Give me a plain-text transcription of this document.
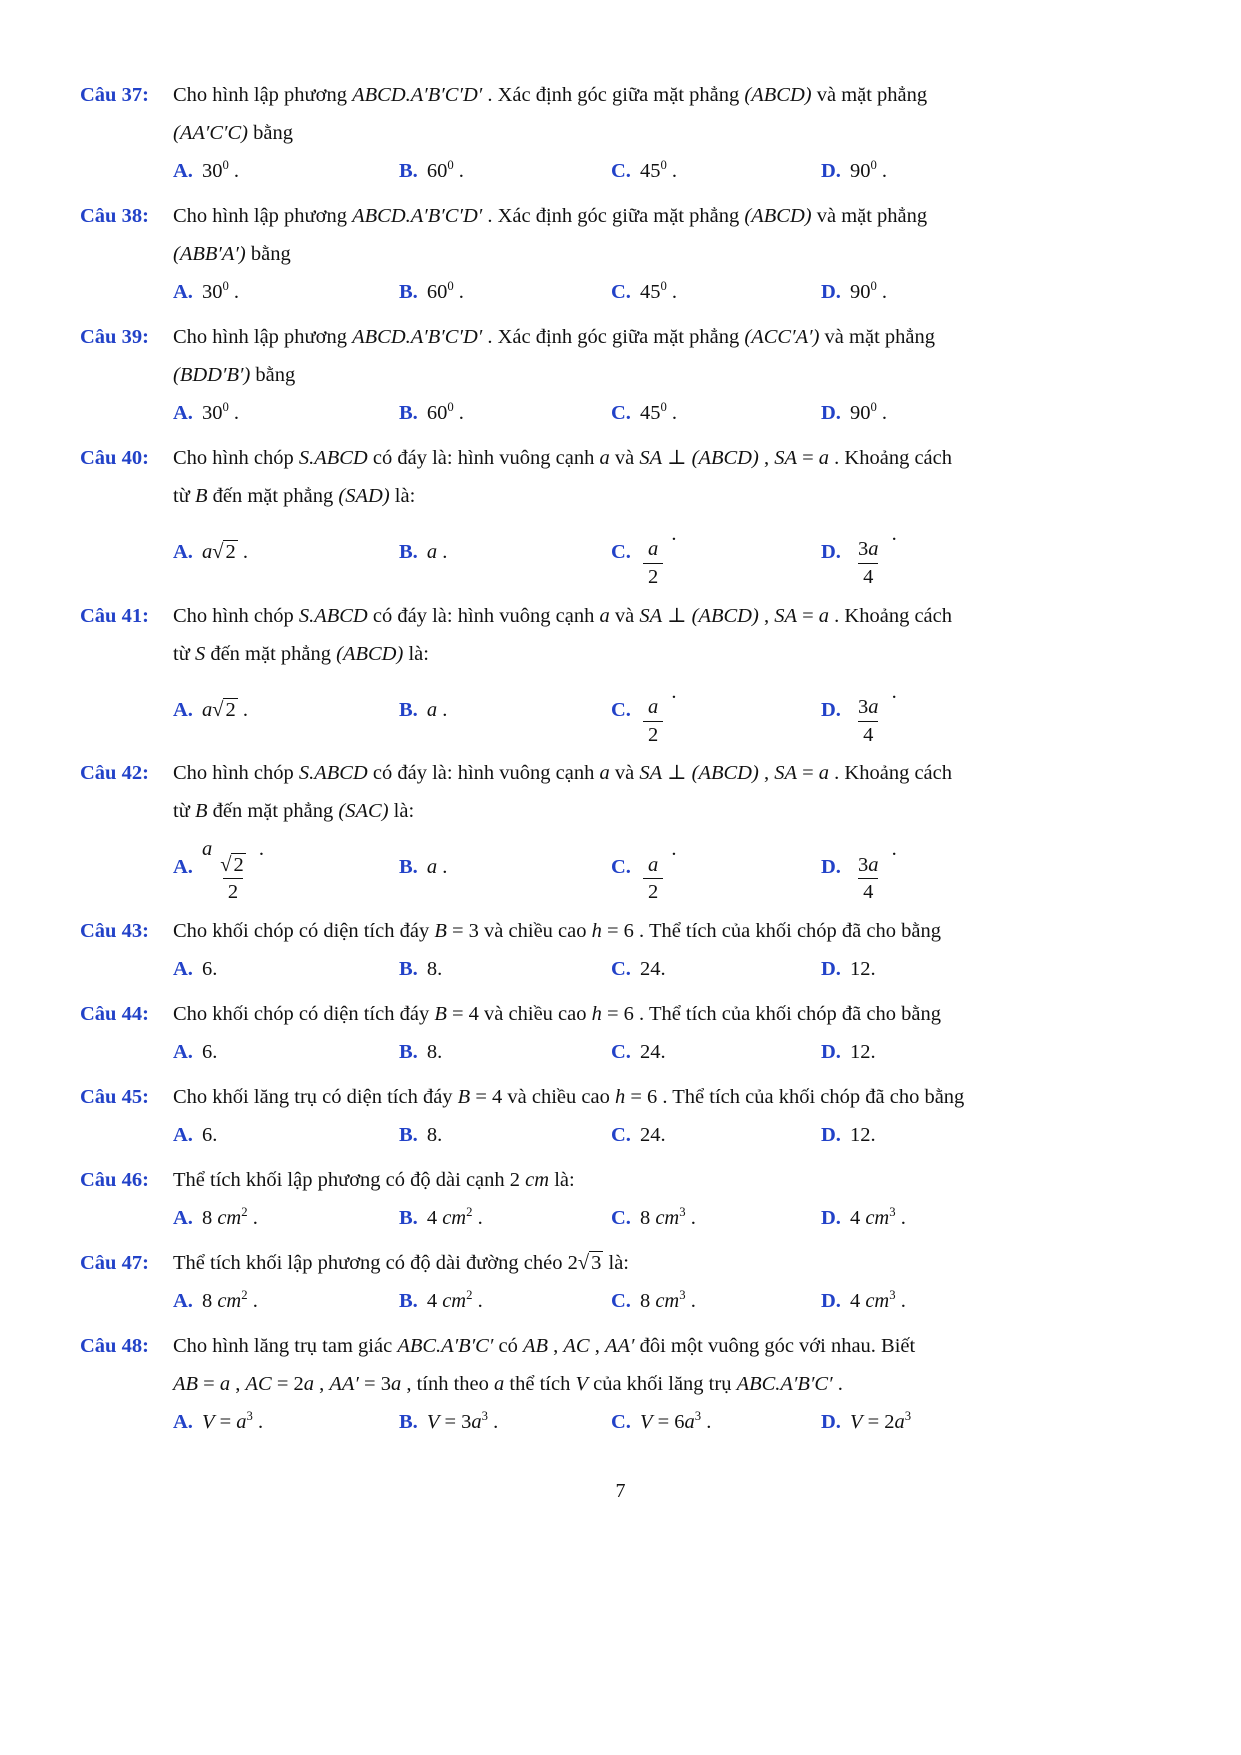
Câu 37:	Cho hình lập phương ABCD.A′B′C′D′ . Xác định góc giữa mặt phẳng (ABCD) và mặt phẳng
(AA′C′C) bằng
A. $30^0$ .	B. $60^0$ .	C. $45^0$ .	D. $90^0$ .
Câu 38:	Cho hình lập phương ABCD.A′B′C′D′ . Xác định góc giữa mặt phẳng (ABCD) và mặt phẳng
(ABB′A′) bằng
A. $30^0$ .	B. $60^0$ .	C. $45^0$ .	D. $90^0$ .
Câu 39:	Cho hình lập phương ABCD.A′B′C′D′ . Xác định góc giữa mặt phẳng (ACC′A′) và mặt phẳng
(BDD′B′) bằng
A. $30^0$ .	B. $60^0$ .	C. $45^0$ .	D. $90^0$ .
Câu 40:	Cho hình chóp S.ABCD có đáy là: hình vuông cạnh a và SA ⊥ (ABCD) , SA = a . Khoảng cách
từ B đến mặt phẳng (SAD) là:
A. a√2 .	B. a .	C. $\frac{a}{2}$
.
D. $\frac{3a}{4}$
.
Câu 41:	Cho hình chóp S.ABCD có đáy là: hình vuông cạnh a và SA ⊥ (ABCD) , SA = a . Khoảng cách
từ S đến mặt phẳng (ABCD) là:
A. a√2 .	B. a .	C. $\frac{a}{2}$
.
D. $\frac{3a}{4}$
.
Câu 42:	Cho hình chóp S.ABCD có đáy là: hình vuông cạnh a và SA ⊥ (ABCD) , SA = a . Khoảng cách
từ B đến mặt phẳng (SAC) là:
A.
a
$\frac{√2}{2}$
.
B. a .	C. $\frac{a}{2}$
.
D. $\frac{3a}{4}$
.
Câu 43:	Cho khối chóp có diện tích đáy B = 3 và chiều cao h = 6 . Thể tích của khối chóp đã cho bằng
A. 6.	B. 8.	C. 24.	D. 12.
Câu 44:	Cho khối chóp có diện tích đáy B = 4 và chiều cao h = 6 . Thể tích của khối chóp đã cho bằng
A. 6.	B. 8.	C. 24.	D. 12.
Câu 45:	Cho khối lăng trụ có diện tích đáy B = 4 và chiều cao h = 6 . Thể tích của khối chóp đã cho bằng
A. 6.	B. 8.	C. 24.	D. 12.
Câu 46:	Thể tích khối lập phương có độ dài cạnh 2 cm là:
A. 8 $cm^2$ .	B. 4 $cm^2$ .	C. 8 $cm^3$ .	D. 4 $cm^3$ .
Câu 47:	Thể tích khối lập phương có độ dài đường chéo 2√3 là:
A. 8 $cm^2$ .	B. 4 $cm^2$ .	C. 8 $cm^3$ .	D. 4 $cm^3$ .
Câu 48:	Cho hình lăng trụ tam giác ABC.A′B′C′ có AB , AC , AA′ đôi một vuông góc với nhau. Biết
AB = a , AC = 2a , AA′ = 3a , tính theo a thể tích V của khối lăng trụ ABC.A′B′C′ .
A. $V = a^3$ .	B. $V = 3a^3$ .	C. $V = 6a^3$ .	D. $V = 2a^3$
7
